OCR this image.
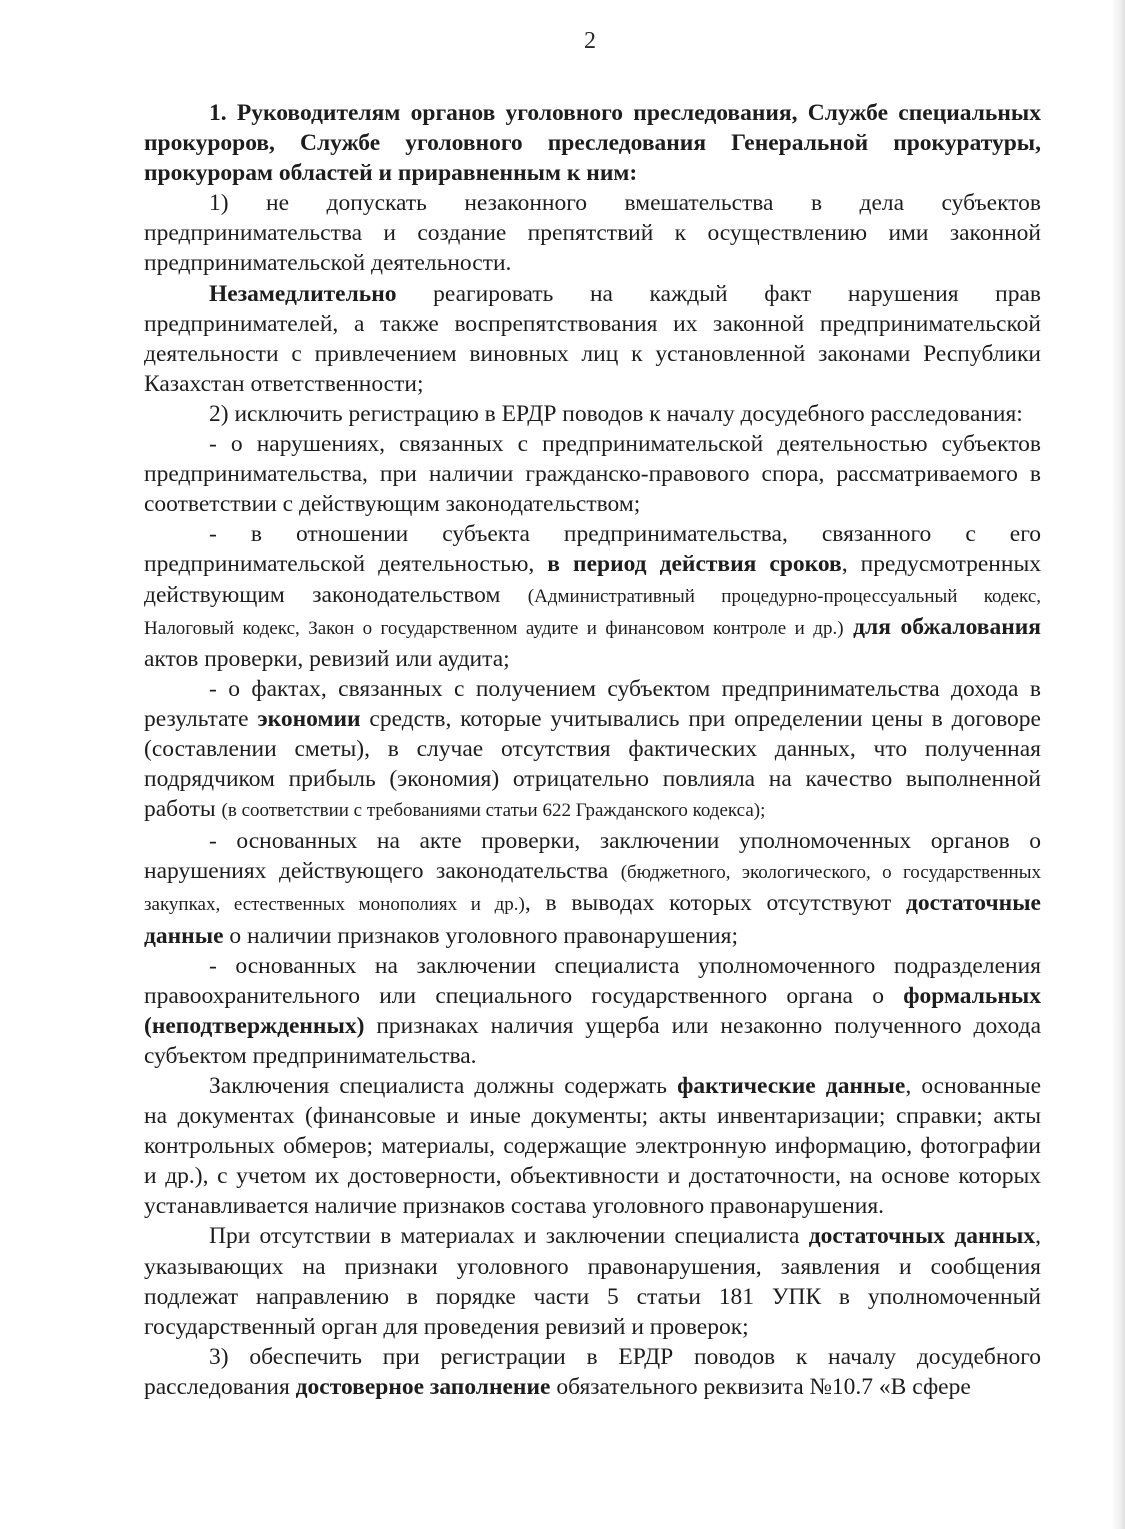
2

1. Руководителям органов уголовного преследования, Службе специальных прокуроров, Службе уголовного преследования Генеральной прокуратуры, прокурорам областей и приравненным к ним:

1) не допускать незаконного вмешательства в дела субъектов предпринимательства и создание препятствий к осуществлению ими законной предпринимательской деятельности.

Незамедлительно реагировать на каждый факт нарушения прав предпринимателей, а также воспрепятствования их законной предпринимательской деятельности с привлечением виновных лиц к установленной законами Республики Казахстан ответственности;

2) исключить регистрацию в ЕРДР поводов к началу досудебного расследования:

- о нарушениях, связанных с предпринимательской деятельностью субъектов предпринимательства, при наличии гражданско-правового спора, рассматриваемого в соответствии с действующим законодательством;

- в отношении субъекта предпринимательства, связанного с его предпринимательской деятельностью, в период действия сроков, предусмотренных действующим законодательством (Административный процедурно-процессуальный кодекс, Налоговый кодекс, Закон о государственном аудите и финансовом контроле и др.) для обжалования актов проверки, ревизий или аудита;

- о фактах, связанных с получением субъектом предпринимательства дохода в результате экономии средств, которые учитывались при определении цены в договоре (составлении сметы), в случае отсутствия фактических данных, что полученная подрядчиком прибыль (экономия) отрицательно повлияла на качество выполненной работы (в соответствии с требованиями статьи 622 Гражданского кодекса);

- основанных на акте проверки, заключении уполномоченных органов о нарушениях действующего законодательства (бюджетного, экологического, о государственных закупках, естественных монополиях и др.), в выводах которых отсутствуют достаточные данные о наличии признаков уголовного правонарушения;

- основанных на заключении специалиста уполномоченного подразделения правоохранительного или специального государственного органа о формальных (неподтвержденных) признаках наличия ущерба или незаконно полученного дохода субъектом предпринимательства.

Заключения специалиста должны содержать фактические данные, основанные на документах (финансовые и иные документы; акты инвентаризации; справки; акты контрольных обмеров; материалы, содержащие электронную информацию, фотографии и др.), с учетом их достоверности, объективности и достаточности, на основе которых устанавливается наличие признаков состава уголовного правонарушения.

При отсутствии в материалах и заключении специалиста достаточных данных, указывающих на признаки уголовного правонарушения, заявления и сообщения подлежат направлению в порядке части 5 статьи 181 УПК в уполномоченный государственный орган для проведения ревизий и проверок;

3) обеспечить при регистрации в ЕРДР поводов к началу досудебного расследования достоверное заполнение обязательного реквизита №10.7 «В сфере
